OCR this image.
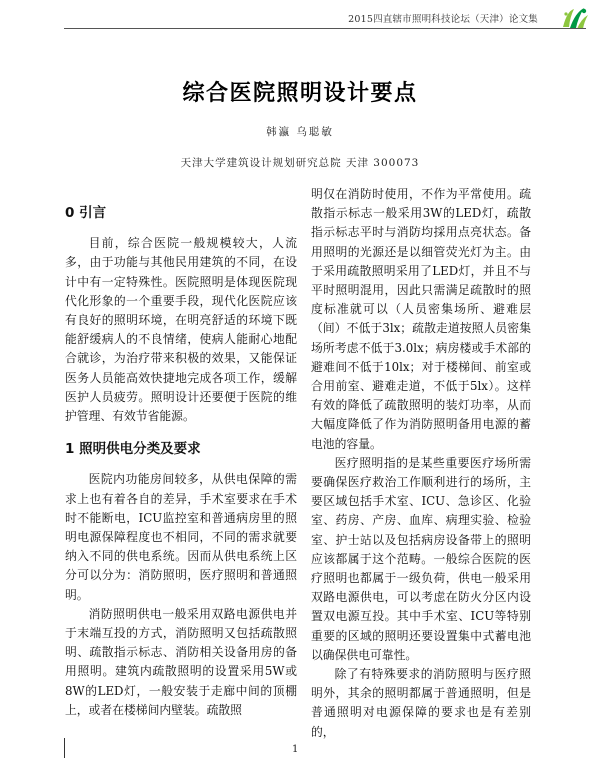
2015四直辖市照明科技论坛（天津）论文集
综合医院照明设计要点
韩瀛 乌聪敏
天津大学建筑设计规划研究总院 天津 300073
0 引言

目前，综合医院一般规模较大，人流多，由于功能与其他民用建筑的不同，在设计中有一定特殊性。医院照明是体现医院现代化形象的一个重要手段，现代化医院应该有良好的照明环境，在明亮舒适的环境下既能舒缓病人的不良情绪，使病人能耐心地配合就诊，为治疗带来积极的效果，又能保证医务人员能高效快捷地完成各项工作，缓解医护人员疲劳。照明设计还要便于医院的维护管理、有效节省能源。

1 照明供电分类及要求

医院内功能房间较多，从供电保障的需求上也有着各自的差异，手术室要求在手术时不能断电，ICU监控室和普通病房里的照明电源保障程度也不相同，不同的需求就要纳入不同的供电系统。因而从供电系统上区分可以分为：消防照明，医疗照明和普通照明。

消防照明供电一般采用双路电源供电并于末端互投的方式，消防照明又包括疏散照明、疏散指示标志、消防相关设备用房的备用照明。建筑内疏散照明的设置采用5W或8W的LED灯，一般安装于走廊中间的顶棚上，或者在楼梯间内壁装。疏散照

明仅在消防时使用，不作为平常使用。疏散指示标志一般采用3W的LED灯，疏散指示标志平时与消防均採用点亮状态。备用照明的光源还是以细管荧光灯为主。由于采用疏散照明采用了LED灯，并且不与平时照明混用，因此只需满足疏散时的照度标准就可以（人员密集场所、避难层（间）不低于3lx；疏散走道按照人员密集场所考虑不低于3.0lx；病房楼或手术部的避难间不低于10lx；对于楼梯间、前室或合用前室、避难走道，不低于5lx）。这样有效的降低了疏散照明的装灯功率，从而大幅度降低了作为消防照明备用电源的蓄电池的容量。

医疗照明指的是某些重要医疗场所需要确保医疗救治工作顺利进行的场所，主要区域包括手术室、ICU、急诊区、化验室、药房、产房、血库、病理实验、检验室、护士站以及包括病房设备带上的照明应该都属于这个范畴。一般综合医院的医疗照明也都属于一级负荷，供电一般采用双路电源供电，可以考虑在防火分区内设置双电源互投。其中手术室、ICU等特别重要的区域的照明还要设置集中式蓄电池以确保供电可靠性。

除了有特殊要求的消防照明与医疗照明外，其余的照明都属于普通照明，但是普通照明对电源保障的要求也是有差别的，

1
